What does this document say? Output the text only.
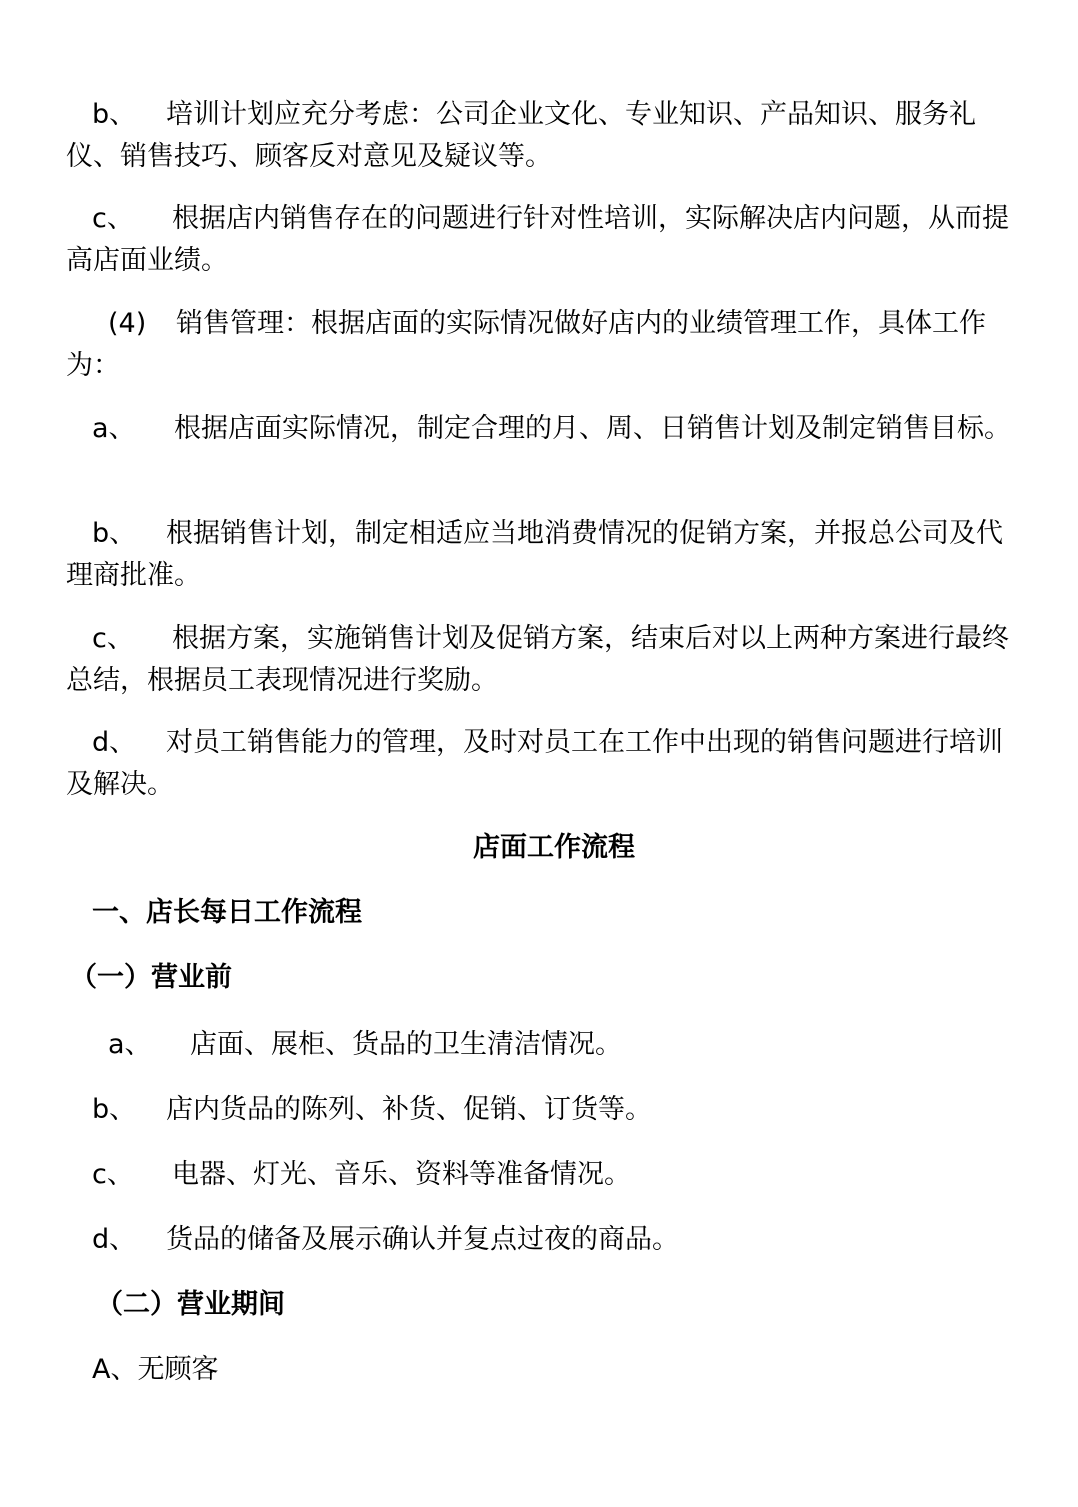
b、 培训计划应充分考虑：公司企业文化、专业知识、产品知识、服务礼仪、销售技巧、顾客反对意见及疑议等。

c、 根据店内销售存在的问题进行针对性培训，实际解决店内问题，从而提高店面业绩。

(4) 销售管理：根据店面的实际情况做好店内的业绩管理工作，具体工作为：

a、 根据店面实际情况，制定合理的月、周、日销售计划及制定销售目标。

b、 根据销售计划，制定相适应当地消费情况的促销方案，并报总公司及代理商批准。

c、 根据方案，实施销售计划及促销方案，结束后对以上两种方案进行最终总结，根据员工表现情况进行奖励。

d、 对员工销售能力的管理，及时对员工在工作中出现的销售问题进行培训及解决。

店面工作流程

一、店长每日工作流程

（一）营业前

a、 店面、展柜、货品的卫生清洁情况。

b、 店内货品的陈列、补货、促销、订货等。

c、 电器、灯光、音乐、资料等准备情况。

d、 货品的储备及展示确认并复点过夜的商品。

（二）营业期间

A、无顾客
